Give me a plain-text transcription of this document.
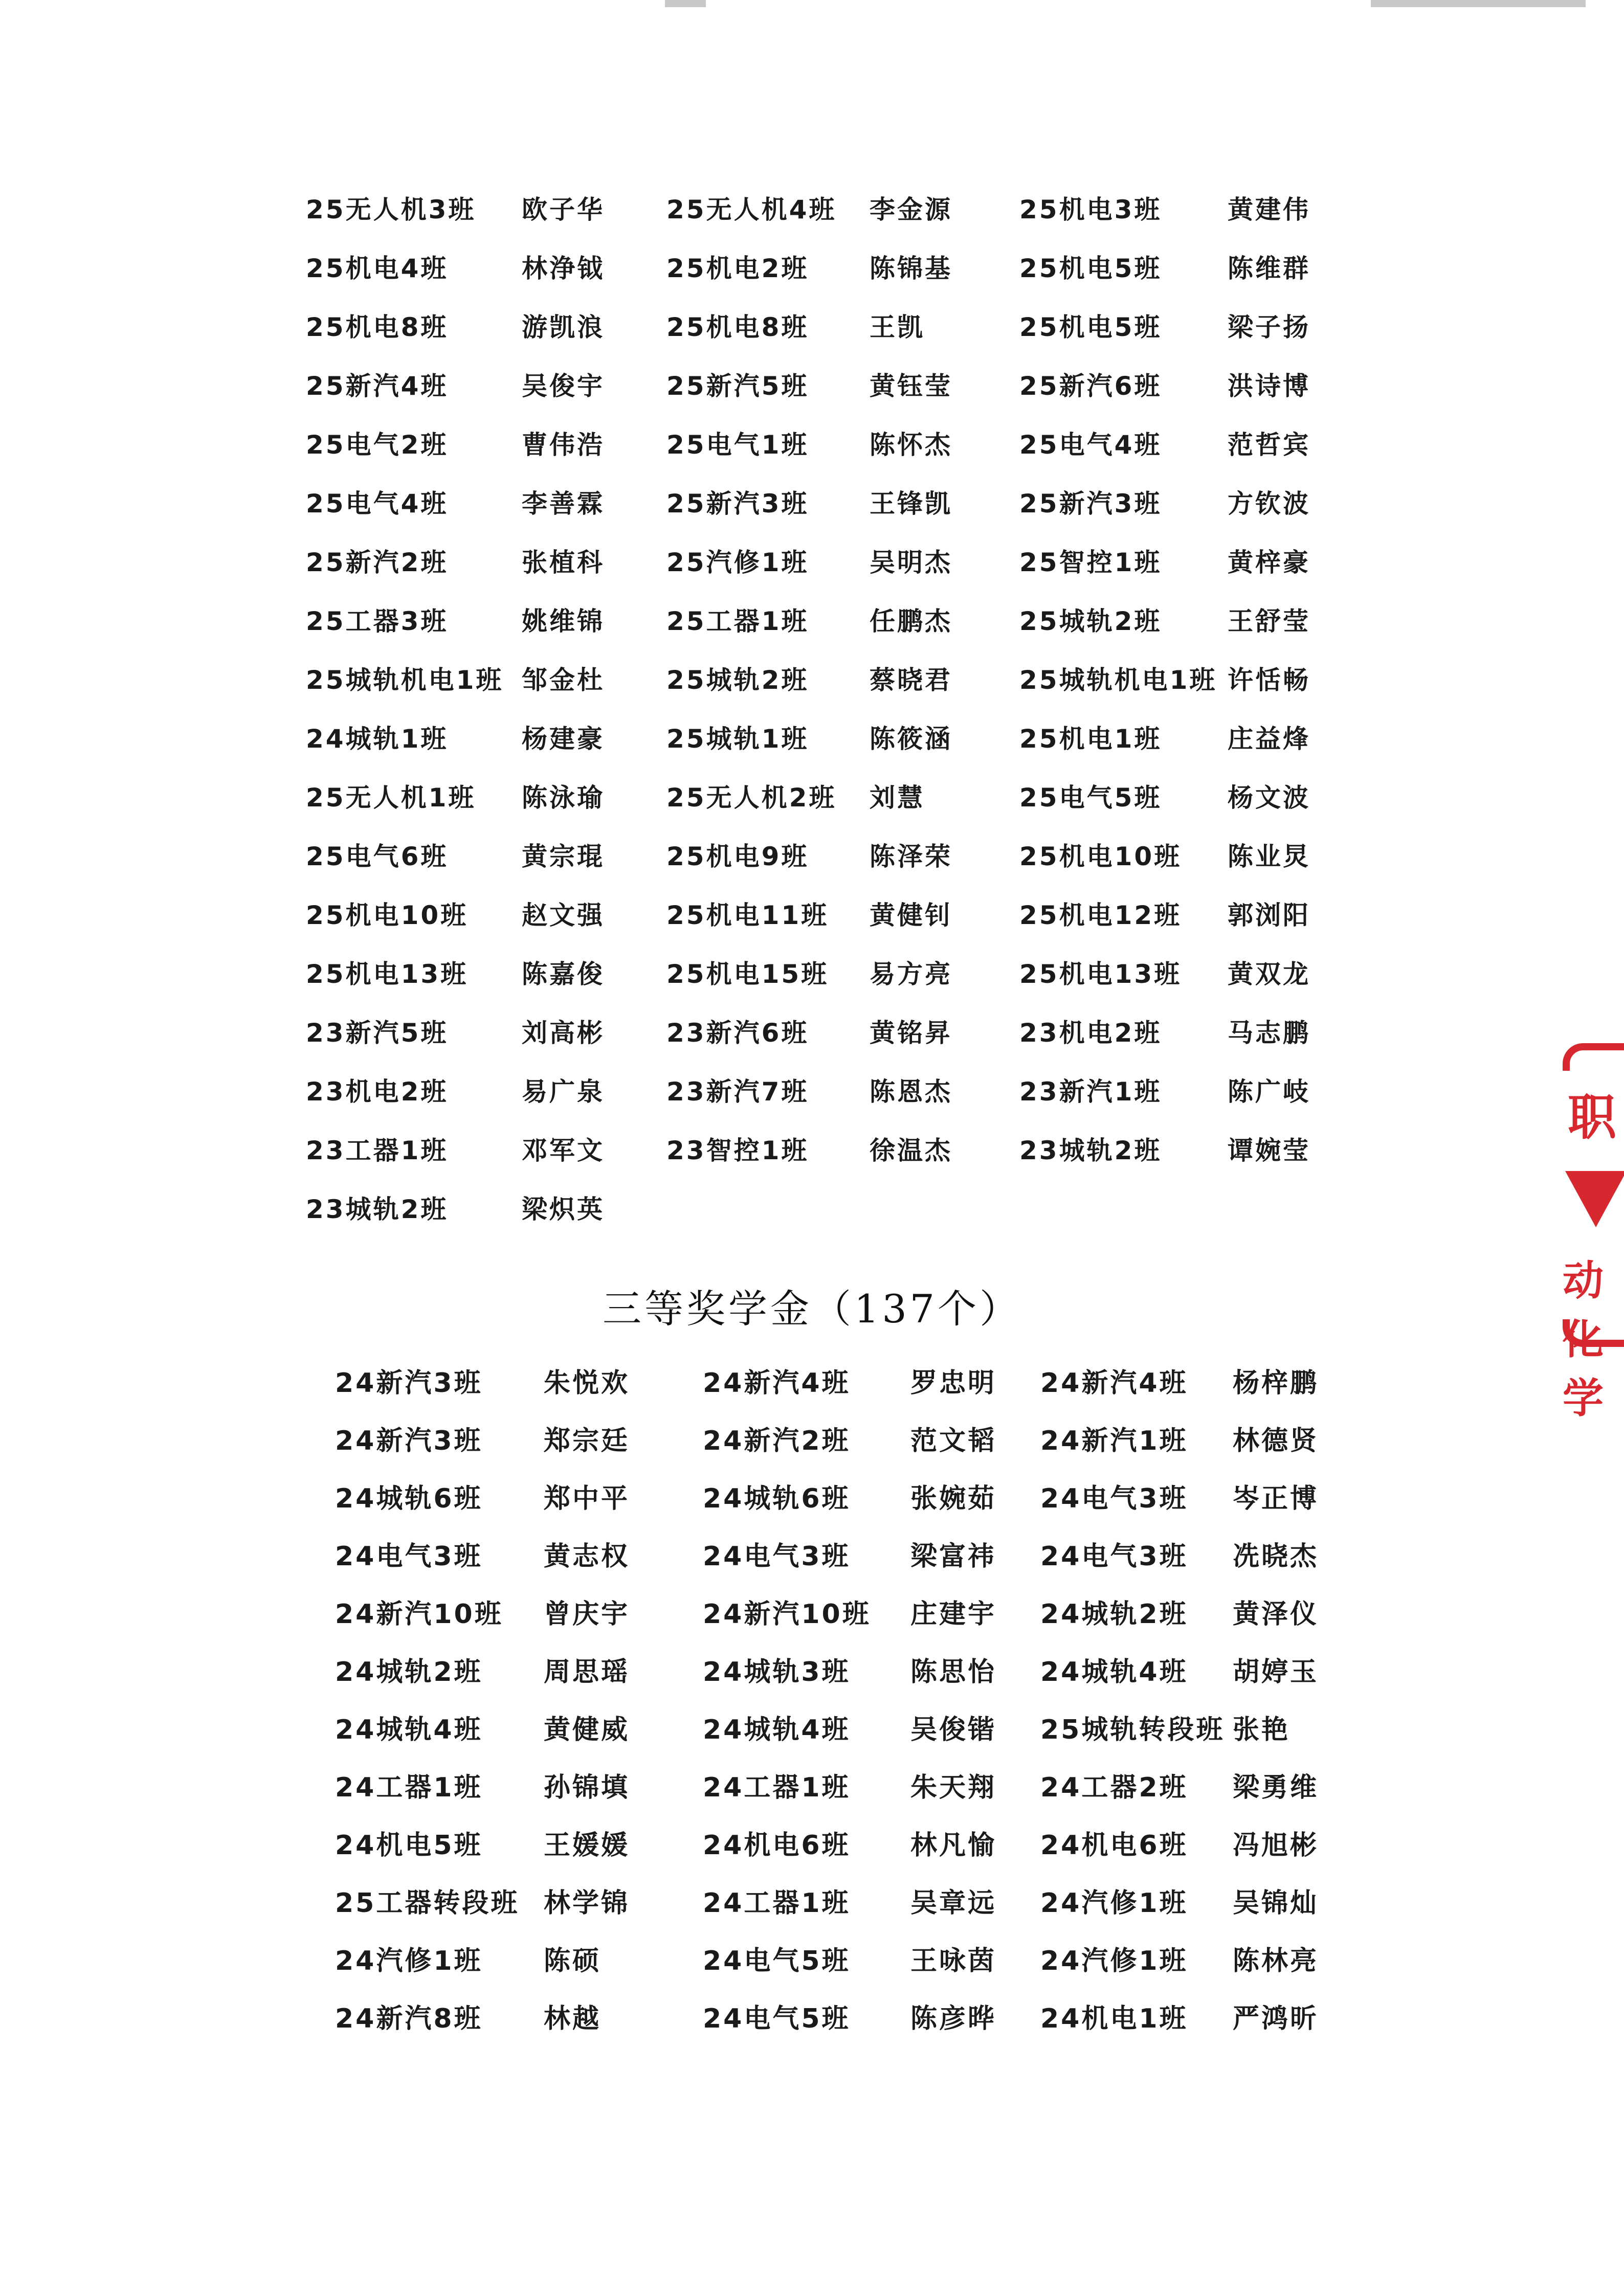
25无人机3班 欧子华 25无人机4班 李金源	25机电3班	黄建伟
25机电4班	林浄钺 25机电2班 陈锦基	25机电5班	陈维群
25机电8班	游凯浪 25机电8班 王凯	25机电5班	梁子扬
25新汽4班	吴俊宇 25新汽5班 黄钰莹	25新汽6班	洪诗博
25电气2班	曹伟浩 25电气1班 陈怀杰	25电气4班	范哲宾
25电气4班	李善霖 25新汽3班 王锋凯	25新汽3班	方钦波
25新汽2班	张植科 25汽修1班 吴明杰	25智控1班	黄梓豪
25工器3班	姚维锦 25工器1班 任鹏杰	25城轨2班	王舒莹
25城轨机电1班 邹金杜 25城轨2班 蔡晓君	25城轨机电1班 许恬畅
24城轨1班	杨建豪 25城轨1班 陈筱涵	25机电1班	庄益烽
25无人机1班 陈泳瑜 25无人机2班 刘慧	25电气5班	杨文波
25电气6班	黄宗琨 25机电9班 陈泽荣	25机电10班 陈业炅
25机电10班 赵文强 25机电11班 黄健钊	25机电12班 郭浏阳
25机电13班 陈嘉俊 25机电15班 易方亮	25机电13班 黄双龙
23新汽5班	刘高彬 23新汽6班 黄铭昇	23机电2班	马志鹏
23机电2班	易广泉 23新汽7班 陈恩杰	23新汽1班	陈广岐
23工器1班	邓军文 23智控1班 徐温杰	23城轨2班	谭婉莹
23城轨2班	梁炽英
三等奖学金（137个）
24新汽3班 朱悦欢	24新汽4班 罗忠明 24新汽4班 杨梓鹏
24新汽3班 郑宗廷	24新汽2班 范文韬 24新汽1班 林德贤
24城轨6班 郑中平	24城轨6班 张婉茹 24电气3班 岑正博
24电气3班 黄志权	24电气3班 梁富祎 24电气3班 冼晓杰
24新汽10班 曾庆宇	24新汽10班 庄建宇 24城轨2班 黄泽仪
24城轨2班 周思瑶	24城轨3班 陈思怡 24城轨4班 胡婷玉
24城轨4班 黄健威	24城轨4班 吴俊锴 25城轨转段班 张艳
24工器1班 孙锦填	24工器1班 朱天翔 24工器2班 梁勇维
24机电5班 王媛媛	24机电6班 林凡愉 24机电6班 冯旭彬
25工器转段班 林学锦	24工器1班 吴章远 24汽修1班 吴锦灿
24汽修1班 陈硕	24电气5班 王咏茵 24汽修1班 陈林亮
24新汽8班 林越	24电气5班 陈彦晔 24机电1班 严鸿昕
职
动化学
